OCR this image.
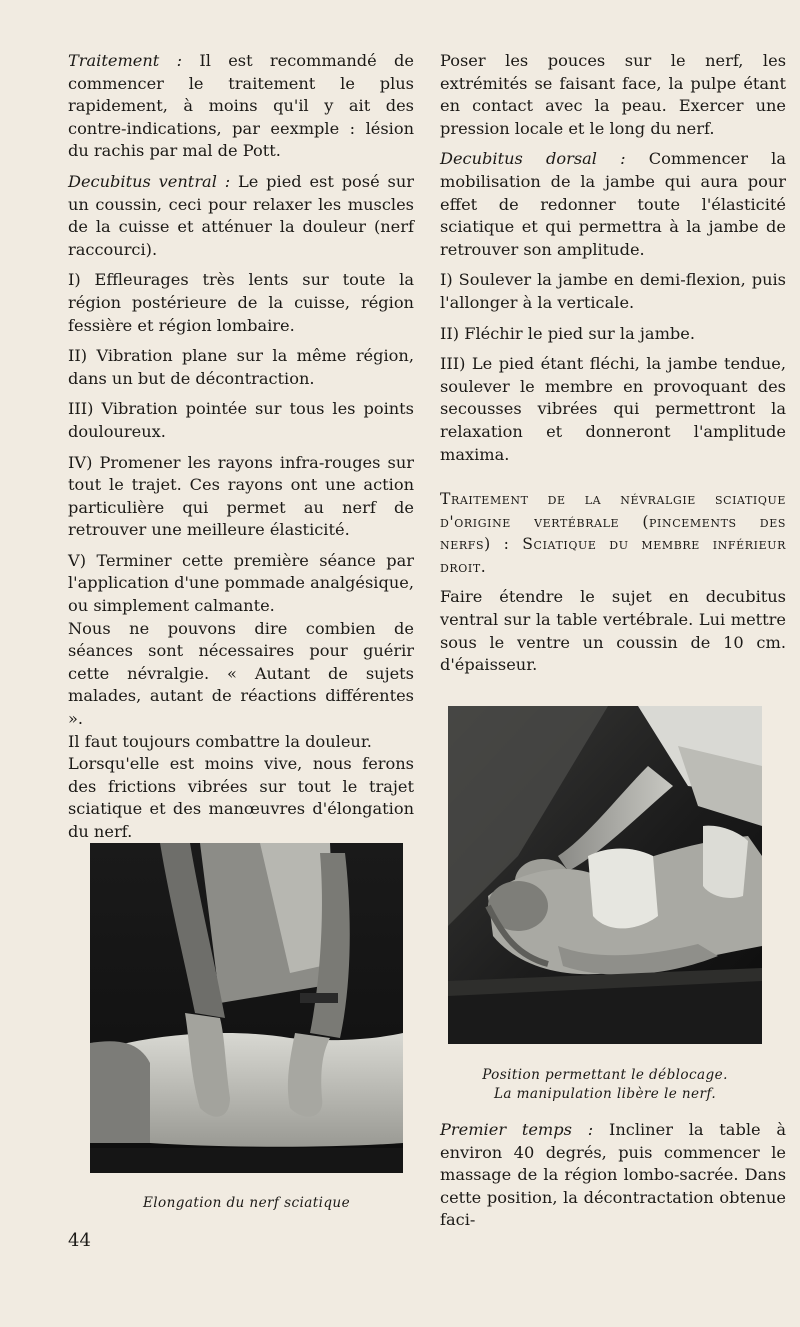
Traitement : Il est recommandé de commencer le traitement le plus rapidement, à moins qu'il y ait des contre-indications, par eexmple : lésion du rachis par mal de Pott.

Decubitus ventral : Le pied est posé sur un coussin, ceci pour relaxer les muscles de la cuisse et atténuer la douleur (nerf raccourci).

I) Effleurages très lents sur toute la région postérieure de la cuisse, région fessière et région lombaire.

II) Vibration plane sur la même région, dans un but de décontraction.

III) Vibration pointée sur tous les points douloureux.

IV) Promener les rayons infra-rouges sur tout le trajet. Ces rayons ont une action particulière qui permet au nerf de retrouver une meilleure élasticité.

V) Terminer cette première séance par l'application d'une pommade analgésique, ou simplement calmante.

Nous ne pouvons dire combien de séances sont nécessaires pour guérir cette névralgie. « Autant de sujets malades, autant de réactions différentes ».

Il faut toujours combattre la douleur.

Lorsqu'elle est moins vive, nous ferons des frictions vibrées sur tout le trajet sciatique et des manœuvres d'élongation du nerf.

Poser les pouces sur le nerf, les extrémités se faisant face, la pulpe étant en contact avec la peau. Exercer une pression locale et le long du nerf.

Decubitus dorsal : Commencer la mobilisation de la jambe qui aura pour effet de redonner toute l'élasticité sciatique et qui permettra à la jambe de retrouver son amplitude.

I) Soulever la jambe en demi-flexion, puis l'allonger à la verticale.

II) Fléchir le pied sur la jambe.

III) Le pied étant fléchi, la jambe tendue, soulever le membre en provoquant des secousses vibrées qui permettront la relaxation et donneront l'amplitude maxima.

Traitement de la névralgie sciatique d'origine vertébrale (pincements des nerfs) : Sciatique du membre inférieur droit.

Faire étendre le sujet en decubitus ventral sur la table vertébrale. Lui mettre sous le ventre un coussin de 10 cm. d'épaisseur.

Position permettant le déblocage.
La manipulation libère le nerf.

Premier temps : Incliner la table à environ 40 degrés, puis commencer le massage de la région lombo-sacrée. Dans cette position, la décontractation obtenue faci-

Elongation du nerf sciatique
44
